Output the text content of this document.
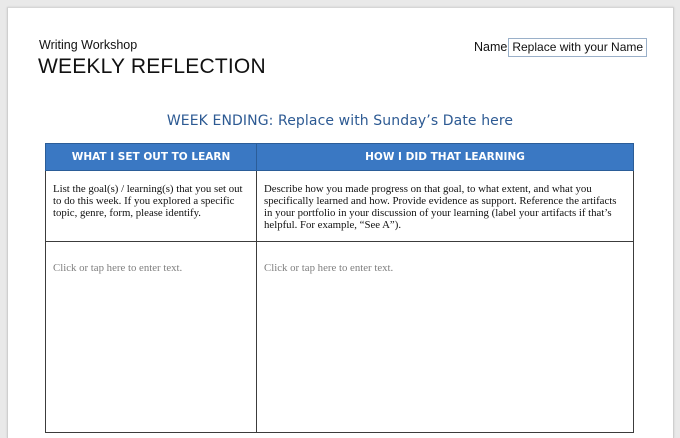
Writing Workshop
WEEKLY REFLECTION
Name Replace with your Name
WEEK ENDING: Replace with Sunday’s Date here
WHAT I SET OUT TO LEARN	HOW I DID THAT LEARNING

List the goal(s) / learning(s) that you set out to do this week. If you explored a specific topic, genre, form, please identify.	Describe how you made progress on that goal, to what extent, and what you specifically learned and how. Provide evidence as support. Reference the artifacts in your portfolio in your discussion of your learning (label your artifacts if that’s helpful. For example, “See A”).

Click or tap here to enter text.	Click or tap here to enter text.
